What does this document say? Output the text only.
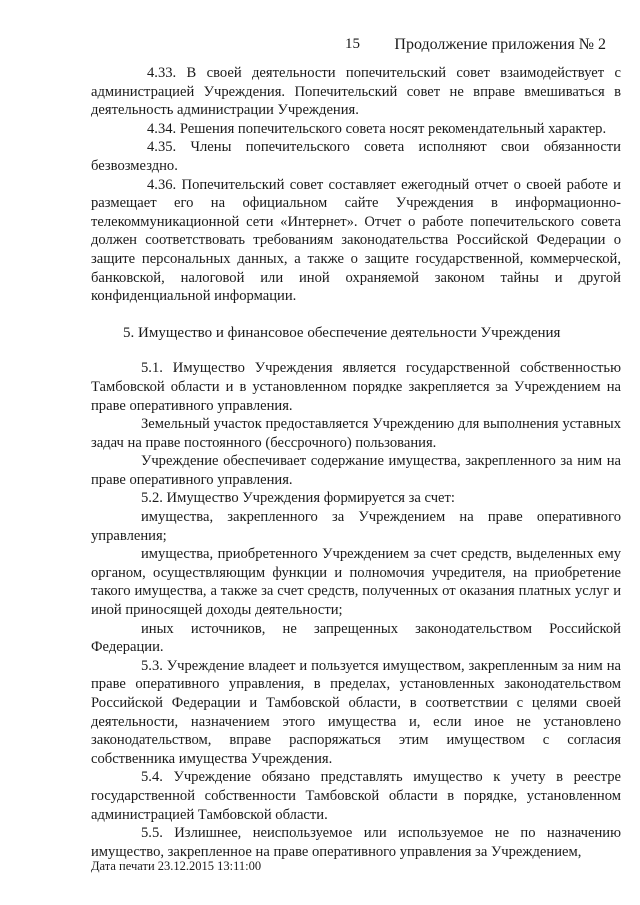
15 Продолжение приложения № 2

4.33. В своей деятельности попечительский совет взаимодействует с администрацией Учреждения. Попечительский совет не вправе вмешиваться в деятельность администрации Учреждения.

4.34. Решения попечительского совета носят рекомендательный характер.

4.35. Члены попечительского совета исполняют свои обязанности безвозмездно.

4.36. Попечительский совет составляет ежегодный отчет о своей работе и размещает его на официальном сайте Учреждения в информационно-телекоммуникационной сети «Интернет». Отчет о работе попечительского совета должен соответствовать требованиям законодательства Российской Федерации о защите персональных данных, а также о защите государственной, коммерческой, банковской, налоговой или иной охраняемой законом тайны и другой конфиденциальной информации.

5. Имущество и финансовое обеспечение деятельности Учреждения

5.1. Имущество Учреждения является государственной собственностью Тамбовской области и в установленном порядке закрепляется за Учреждением на праве оперативного управления.

Земельный участок предоставляется Учреждению для выполнения уставных задач на праве постоянного (бессрочного) пользования.

Учреждение обеспечивает содержание имущества, закрепленного за ним на праве оперативного управления.

5.2. Имущество Учреждения формируется за счет:

имущества, закрепленного за Учреждением на праве оперативного управления;

имущества, приобретенного Учреждением за счет средств, выделенных ему органом, осуществляющим функции и полномочия учредителя, на приобретение такого имущества, а также за счет средств, полученных от оказания платных услуг и иной приносящей доходы деятельности;

иных источников, не запрещенных законодательством Российской Федерации.

5.3. Учреждение владеет и пользуется имуществом, закрепленным за ним на праве оперативного управления, в пределах, установленных законодательством Российской Федерации и Тамбовской области, в соответствии с целями своей деятельности, назначением этого имущества и, если иное не установлено законодательством, вправе распоряжаться этим имуществом с согласия собственника имущества Учреждения.

5.4. Учреждение обязано представлять имущество к учету в реестре государственной собственности Тамбовской области в порядке, установленном администрацией Тамбовской области.

5.5. Излишнее, неиспользуемое или используемое не по назначению имущество, закрепленное на праве оперативного управления за Учреждением,

Дата печати 23.12.2015 13:11:00
